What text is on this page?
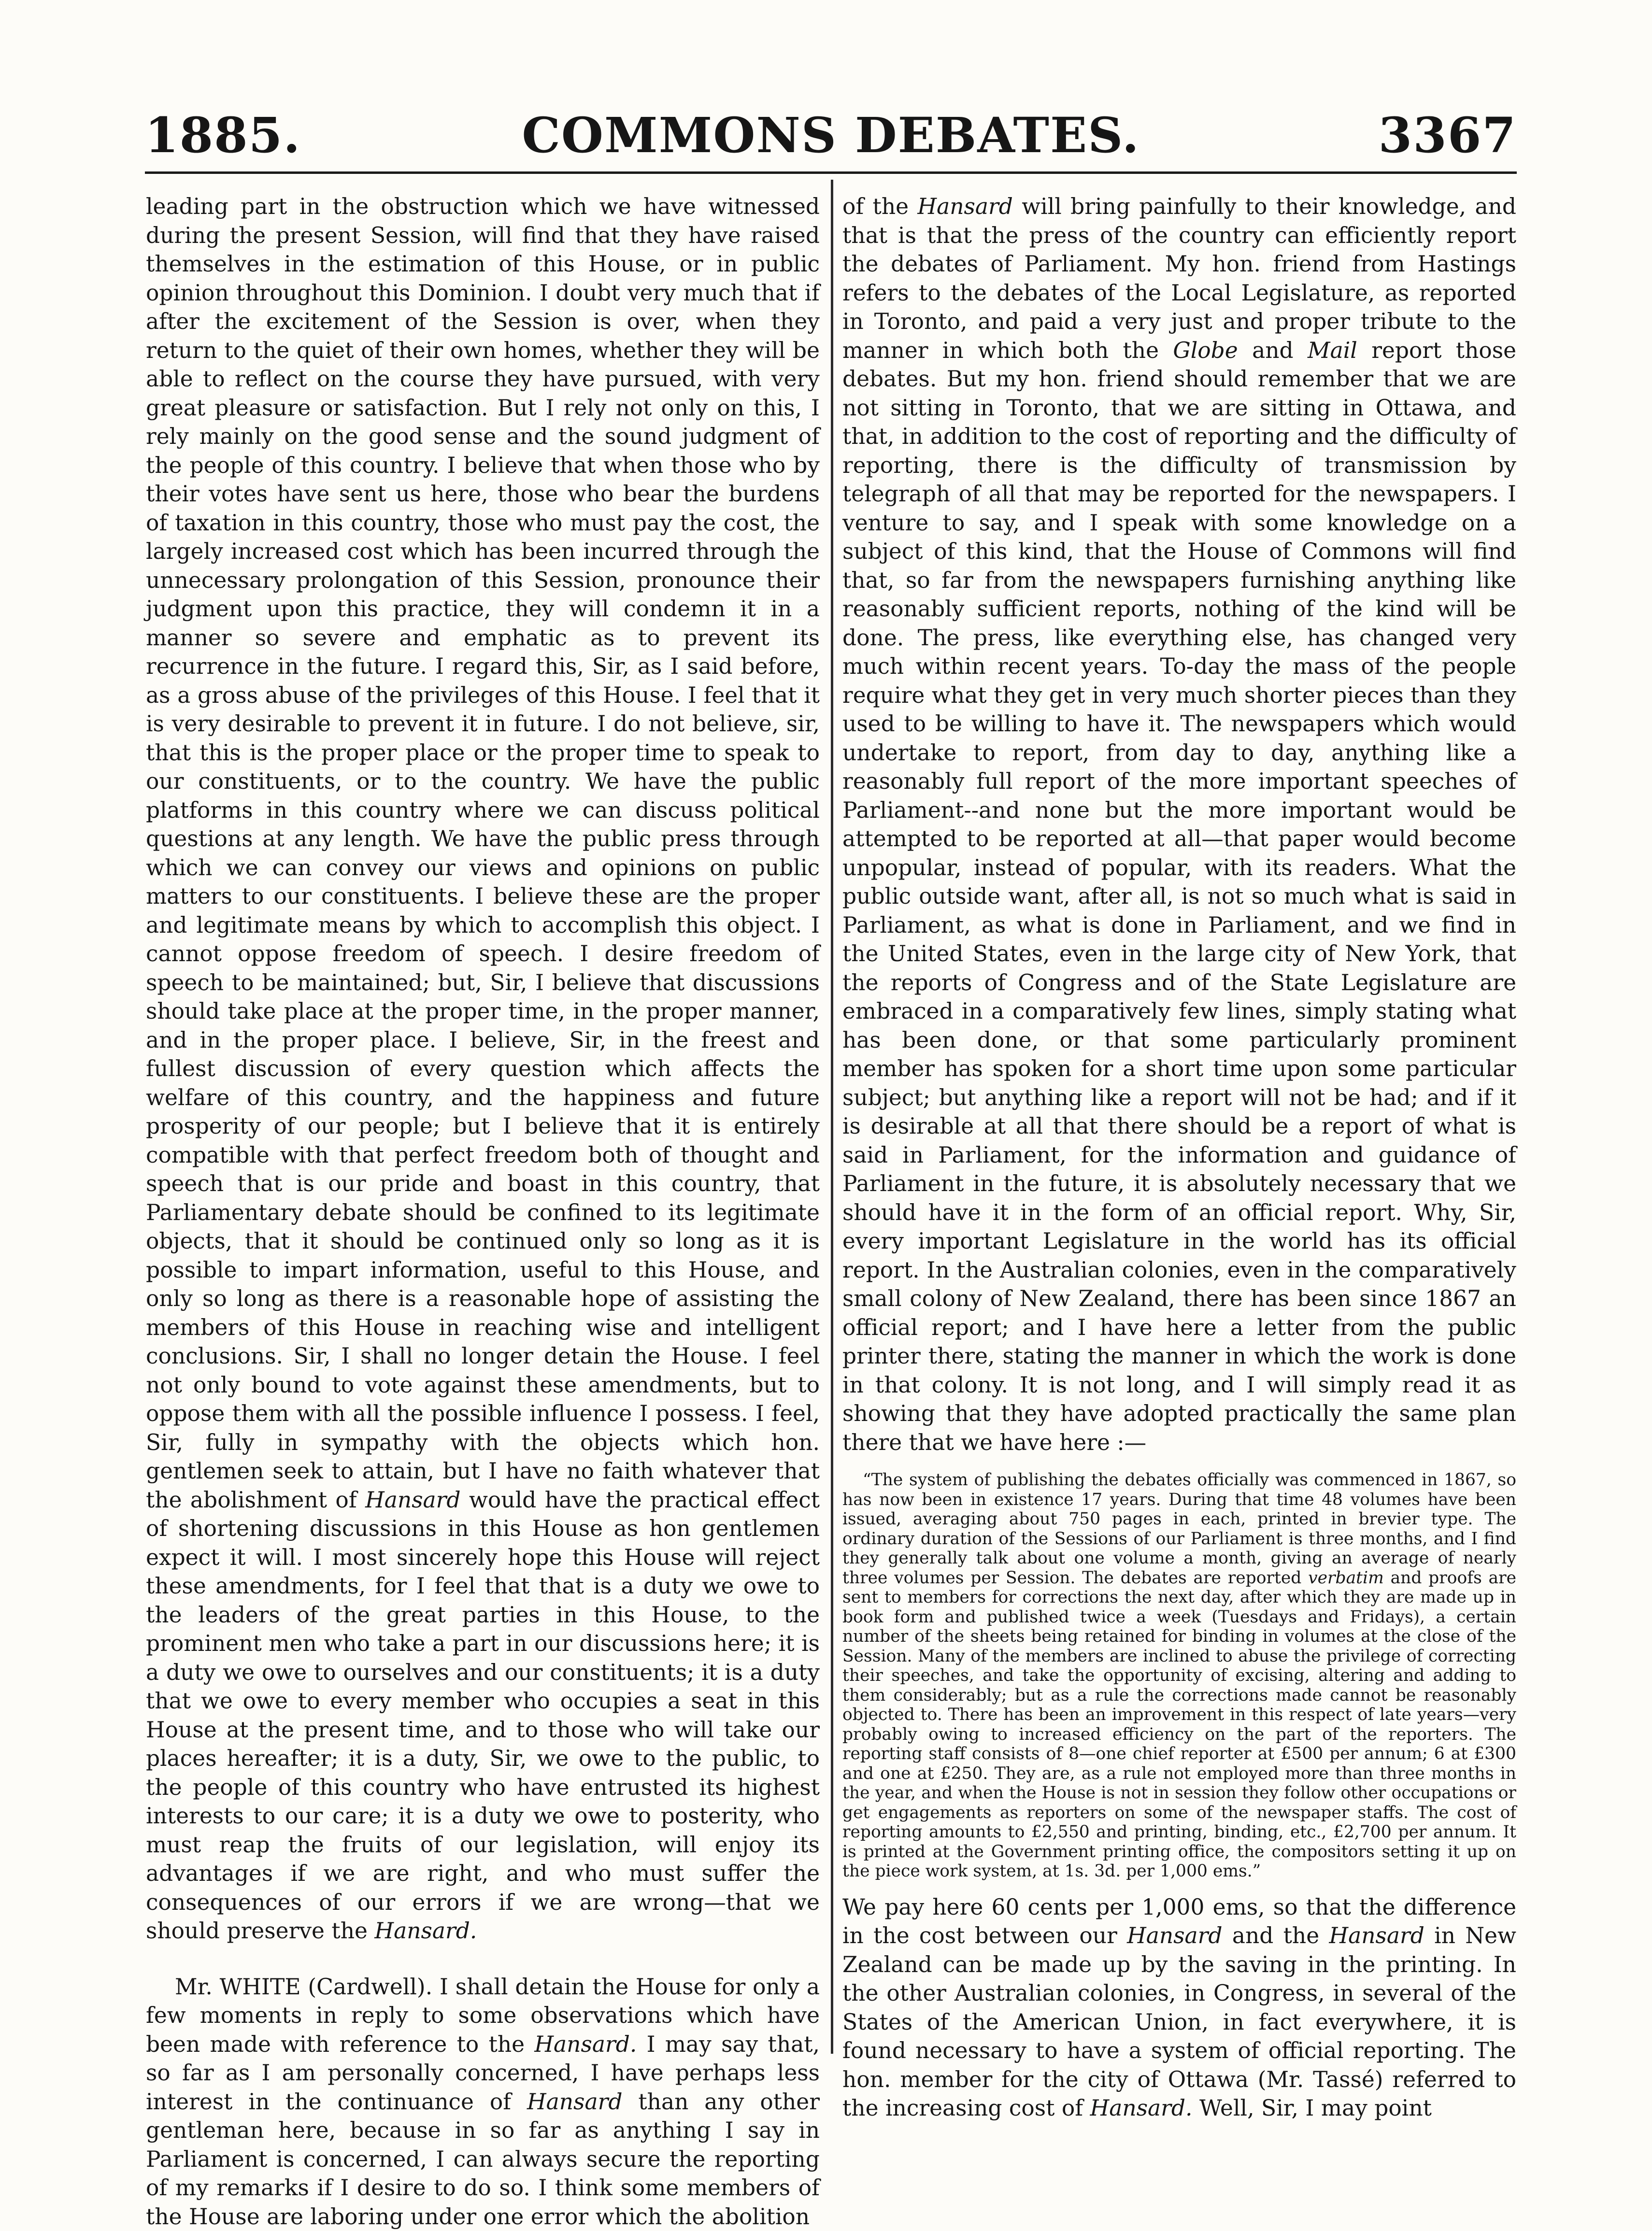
1885.	COMMONS DEBATES.	3367

leading part in the obstruction which we have witnessed during the present Session, will find that they have raised themselves in the estimation of this House, or in public opinion throughout this Dominion. I doubt very much that if after the excitement of the Session is over, when they return to the quiet of their own homes, whether they will be able to reflect on the course they have pursued, with very great pleasure or satisfaction. But I rely not only on this, I rely mainly on the good sense and the sound judgment of the people of this country. I believe that when those who by their votes have sent us here, those who bear the burdens of taxation in this country, those who must pay the cost, the largely increased cost which has been incurred through the unnecessary prolongation of this Session, pronounce their judgment upon this practice, they will condemn it in a manner so severe and emphatic as to prevent its recurrence in the future. I regard this, Sir, as I said before, as a gross abuse of the privileges of this House. I feel that it is very desirable to prevent it in future. I do not believe, sir, that this is the proper place or the proper time to speak to our constituents, or to the country. We have the public platforms in this country where we can discuss political questions at any length. We have the public press through which we can convey our views and opinions on public matters to our constituents. I believe these are the proper and legitimate means by which to accomplish this object. I cannot oppose freedom of speech. I desire freedom of speech to be maintained; but, Sir, I believe that discussions should take place at the proper time, in the proper manner, and in the proper place. I believe, Sir, in the freest and fullest discussion of every question which affects the welfare of this country, and the happiness and future prosperity of our people; but I believe that it is entirely compatible with that perfect freedom both of thought and speech that is our pride and boast in this country, that Parliamentary debate should be confined to its legitimate objects, that it should be continued only so long as it is possible to impart information, useful to this House, and only so long as there is a reasonable hope of assisting the members of this House in reaching wise and intelligent conclusions. Sir, I shall no longer detain the House. I feel not only bound to vote against these amendments, but to oppose them with all the possible influence I possess. I feel, Sir, fully in sympathy with the objects which hon. gentlemen seek to attain, but I have no faith whatever that the abolishment of Hansard would have the practical effect of shortening discussions in this House as hon gentlemen expect it will. I most sincerely hope this House will reject these amendments, for I feel that that is a duty we owe to the leaders of the great parties in this House, to the prominent men who take a part in our discussions here; it is a duty we owe to ourselves and our constituents; it is a duty that we owe to every member who occupies a seat in this House at the present time, and to those who will take our places hereafter; it is a duty, Sir, we owe to the public, to the people of this country who have entrusted its highest interests to our care; it is a duty we owe to posterity, who must reap the fruits of our legislation, will enjoy its advantages if we are right, and who must suffer the consequences of our errors if we are wrong—that we should preserve the Hansard.

Mr. WHITE (Cardwell). I shall detain the House for only a few moments in reply to some observations which have been made with reference to the Hansard. I may say that, so far as I am personally concerned, I have perhaps less interest in the continuance of Hansard than any other gentleman here, because in so far as anything I say in Parliament is concerned, I can always secure the reporting of my remarks if I desire to do so. I think some members of the House are laboring under one error which the abolition

of the Hansard will bring painfully to their knowledge, and that is that the press of the country can efficiently report the debates of Parliament. My hon. friend from Hastings refers to the debates of the Local Legislature, as reported in Toronto, and paid a very just and proper tribute to the manner in which both the Globe and Mail report those debates. But my hon. friend should remember that we are not sitting in Toronto, that we are sitting in Ottawa, and that, in addition to the cost of reporting and the difficulty of reporting, there is the difficulty of transmission by telegraph of all that may be reported for the newspapers. I venture to say, and I speak with some knowledge on a subject of this kind, that the House of Commons will find that, so far from the newspapers furnishing anything like reasonably sufficient reports, nothing of the kind will be done. The press, like everything else, has changed very much within recent years. To-day the mass of the people require what they get in very much shorter pieces than they used to be willing to have it. The newspapers which would undertake to report, from day to day, anything like a reasonably full report of the more important speeches of Parliament--and none but the more important would be attempted to be reported at all—that paper would become unpopular, instead of popular, with its readers. What the public outside want, after all, is not so much what is said in Parliament, as what is done in Parliament, and we find in the United States, even in the large city of New York, that the reports of Congress and of the State Legislature are embraced in a comparatively few lines, simply stating what has been done, or that some particularly prominent member has spoken for a short time upon some particular subject; but anything like a report will not be had; and if it is desirable at all that there should be a report of what is said in Parliament, for the information and guidance of Parliament in the future, it is absolutely necessary that we should have it in the form of an official report. Why, Sir, every important Legislature in the world has its official report. In the Australian colonies, even in the comparatively small colony of New Zealand, there has been since 1867 an official report; and I have here a letter from the public printer there, stating the manner in which the work is done in that colony. It is not long, and I will simply read it as showing that they have adopted practically the same plan there that we have here :—

“The system of publishing the debates officially was commenced in 1867, so has now been in existence 17 years. During that time 48 volumes have been issued, averaging about 750 pages in each, printed in brevier type. The ordinary duration of the Sessions of our Parliament is three months, and I find they generally talk about one volume a month, giving an average of nearly three volumes per Session. The debates are reported verbatim and proofs are sent to members for corrections the next day, after which they are made up in book form and published twice a week (Tuesdays and Fridays), a certain number of the sheets being retained for binding in volumes at the close of the Session. Many of the members are inclined to abuse the privilege of correcting their speeches, and take the opportunity of excising, altering and adding to them considerably; but as a rule the corrections made cannot be reasonably objected to. There has been an improvement in this respect of late years—very probably owing to increased efficiency on the part of the reporters. The reporting staff consists of 8—one chief reporter at £500 per annum; 6 at £300 and one at £250. They are, as a rule not employed more than three months in the year, and when the House is not in session they follow other occupations or get engagements as reporters on some of the newspaper staffs. The cost of reporting amounts to £2,550 and printing, binding, etc., £2,700 per annum. It is printed at the Government printing office, the compositors setting it up on the piece work system, at 1s. 3d. per 1,000 ems.”

We pay here 60 cents per 1,000 ems, so that the difference in the cost between our Hansard and the Hansard in New Zealand can be made up by the saving in the printing. In the other Australian colonies, in Congress, in several of the States of the American Union, in fact everywhere, it is found necessary to have a system of official reporting. The hon. member for the city of Ottawa (Mr. Tassé) referred to the increasing cost of Hansard. Well, Sir, I may point
